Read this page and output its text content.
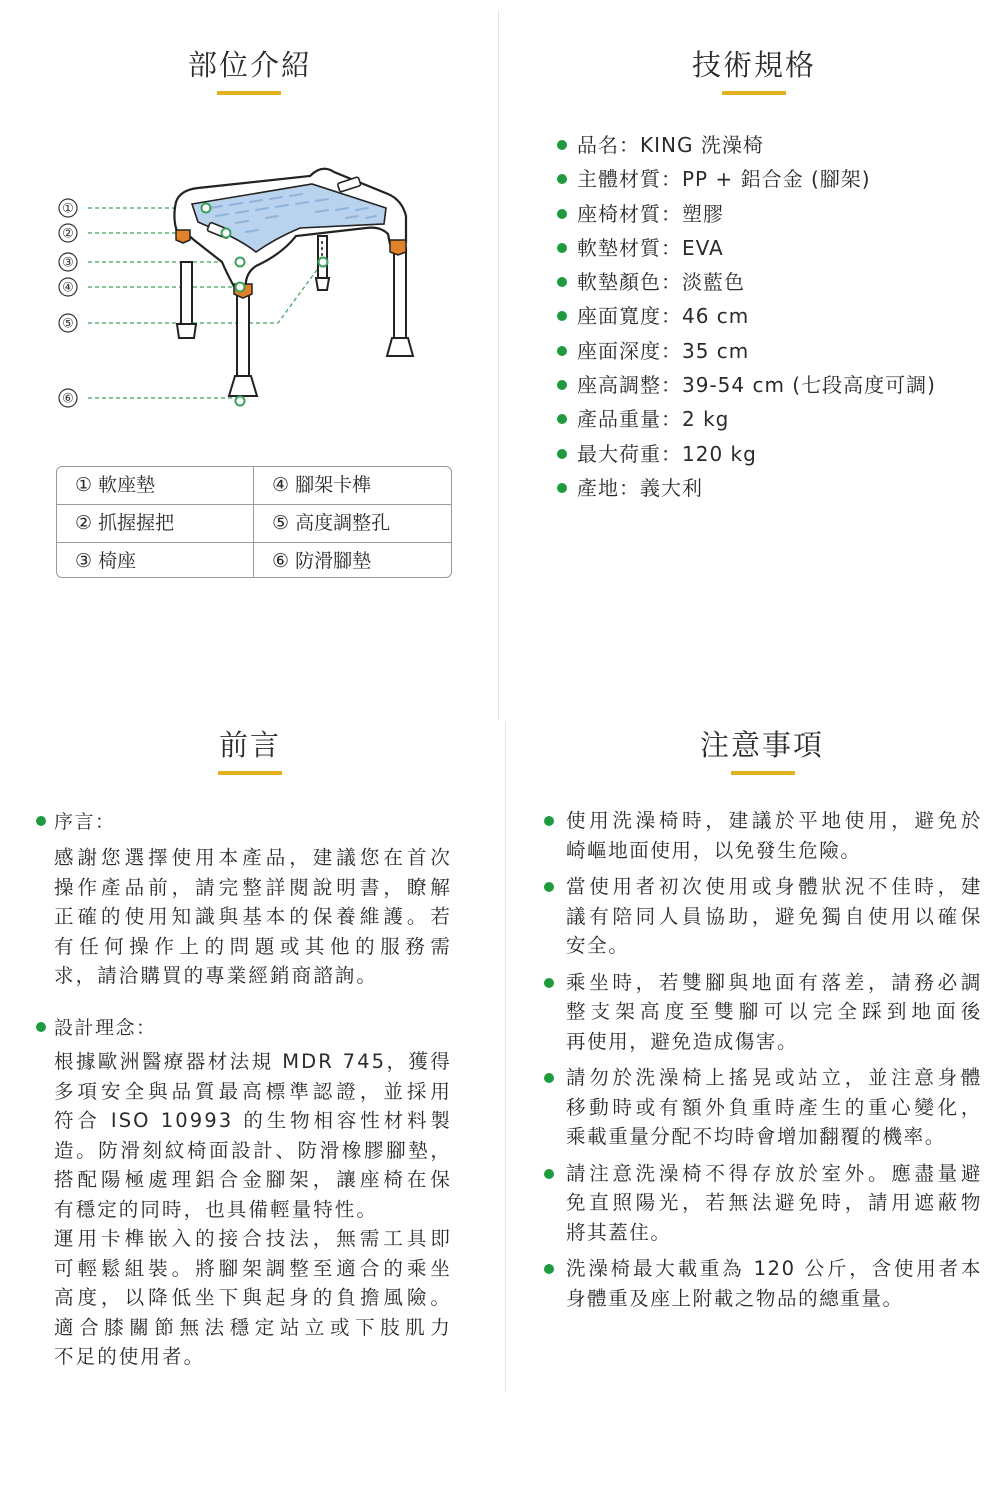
部位介紹
①
②
③
④
⑤
⑥
① 軟座墊	④ 腳架卡榫
② 抓握握把	⑤ 高度調整孔
③ 椅座	⑥ 防滑腳墊
技術規格
品名：KING 洗澡椅
主體材質：PP + 鋁合金 (腳架)
座椅材質：塑膠
軟墊材質：EVA
軟墊顏色：淡藍色
座面寬度：46 cm
座面深度：35 cm
座高調整：39-54 cm (七段高度可調)
產品重量：2 kg
最大荷重：120 kg
產地：義大利
前言
序言：
感謝您選擇使用本產品，建議您在首次
操作產品前，請完整詳閱說明書，瞭解
正確的使用知識與基本的保養維護。若
有任何操作上的問題或其他的服務需
求，請洽購買的專業經銷商諮詢。
設計理念：
根據歐洲醫療器材法規 MDR 745，獲得
多項安全與品質最高標準認證，並採用
符合 ISO 10993 的生物相容性材料製
造。防滑刻紋椅面設計、防滑橡膠腳墊，
搭配陽極處理鋁合金腳架，讓座椅在保
有穩定的同時，也具備輕量特性。
運用卡榫嵌入的接合技法，無需工具即
可輕鬆組裝。將腳架調整至適合的乘坐
高度，以降低坐下與起身的負擔風險。
適合膝關節無法穩定站立或下肢肌力
不足的使用者。
注意事項
使用洗澡椅時，建議於平地使用，避免於
崎嶇地面使用，以免發生危險。
當使用者初次使用或身體狀況不佳時，建
議有陪同人員協助，避免獨自使用以確保
安全。
乘坐時，若雙腳與地面有落差，請務必調
整支架高度至雙腳可以完全踩到地面後
再使用，避免造成傷害。
請勿於洗澡椅上搖晃或站立，並注意身體
移動時或有額外負重時產生的重心變化，
乘載重量分配不均時會增加翻覆的機率。
請注意洗澡椅不得存放於室外。應盡量避
免直照陽光，若無法避免時，請用遮蔽物
將其蓋住。
洗澡椅最大載重為 120 公斤，含使用者本
身體重及座上附載之物品的總重量。
